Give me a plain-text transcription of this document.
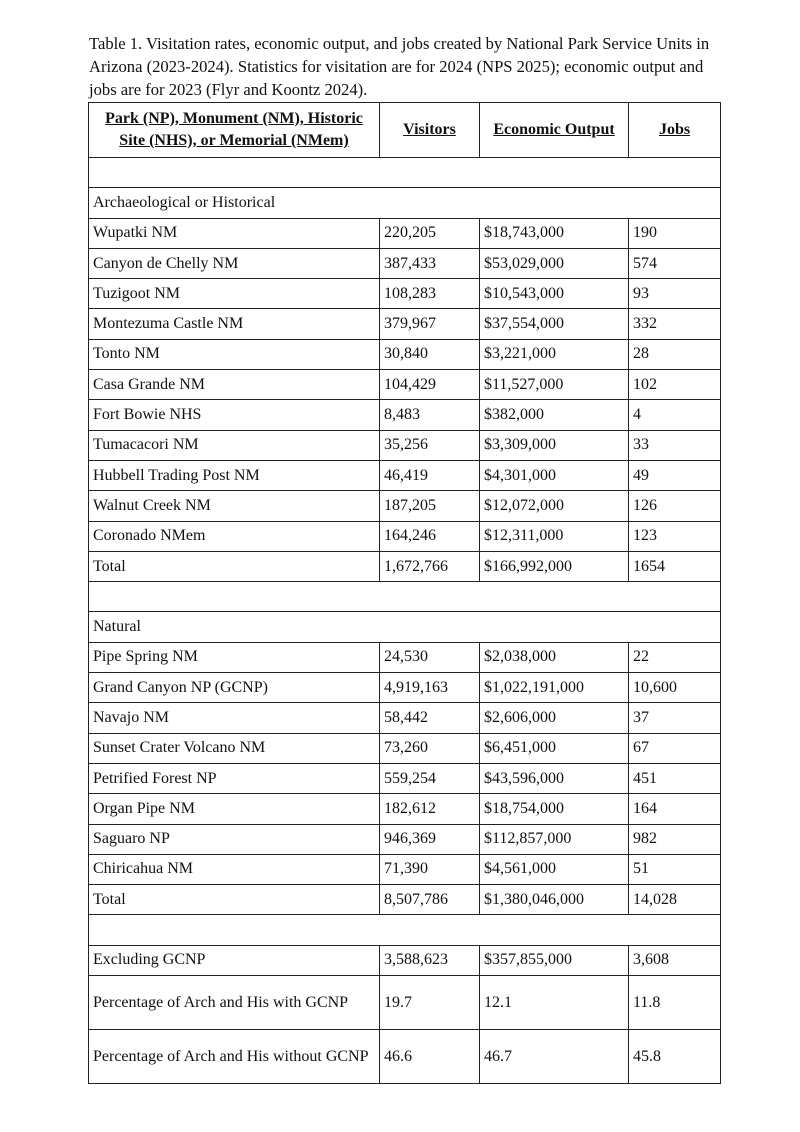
Table 1. Visitation rates, economic output, and jobs created by National Park Service Units in Arizona (2023-2024). Statistics for visitation are for 2024 (NPS 2025); economic output and jobs are for 2023 (Flyr and Koontz 2024).
Park (NP), Monument (NM), Historic Site (NHS), or Memorial (NMem)	Visitors	Economic Output	Jobs

Archaeological or Historical			
Wupatki NM	220,205	$18,743,000	190
Canyon de Chelly NM	387,433	$53,029,000	574
Tuzigoot NM	108,283	$10,543,000	93
Montezuma Castle NM	379,967	$37,554,000	332
Tonto NM	30,840	$3,221,000	28
Casa Grande NM	104,429	$11,527,000	102
Fort Bowie NHS	8,483	$382,000	4
Tumacacori NM	35,256	$3,309,000	33
Hubbell Trading Post NM	46,419	$4,301,000	49
Walnut Creek NM	187,205	$12,072,000	126
Coronado NMem	164,246	$12,311,000	123
Total	1,672,766	$166,992,000	1654

Natural			
Pipe Spring NM	24,530	$2,038,000	22
Grand Canyon NP (GCNP)	4,919,163	$1,022,191,000	10,600
Navajo NM	58,442	$2,606,000	37
Sunset Crater Volcano NM	73,260	$6,451,000	67
Petrified Forest NP	559,254	$43,596,000	451
Organ Pipe NM	182,612	$18,754,000	164
Saguaro NP	946,369	$112,857,000	982
Chiricahua NM	71,390	$4,561,000	51
Total	8,507,786	$1,380,046,000	14,028

Excluding GCNP	3,588,623	$357,855,000	3,608
Percentage of Arch and His with GCNP	19.7	12.1	11.8
Percentage of Arch and His without GCNP	46.6	46.7	45.8
